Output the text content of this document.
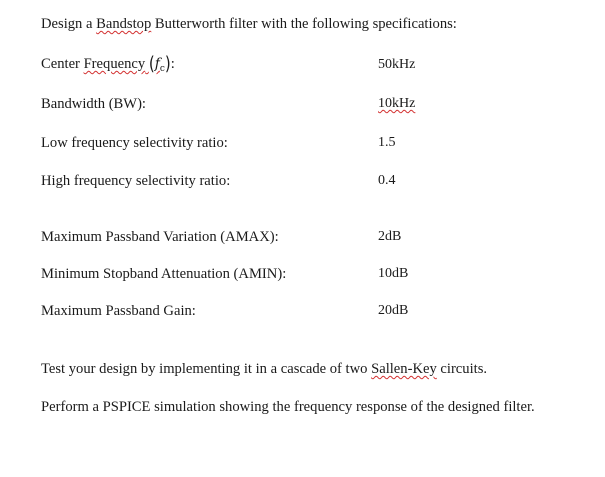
Design a Bandstop Butterworth filter with the following specifications:
Center Frequency $(f_c)$:	50kHz
Bandwidth (BW):	10kHz
Low frequency selectivity ratio:	1.5
High frequency selectivity ratio:	0.4
Maximum Passband Variation (AMAX):	2dB
Minimum Stopband Attenuation (AMIN):	10dB
Maximum Passband Gain:	20dB
Test your design by implementing it in a cascade of two Sallen-Key circuits.
Perform a PSPICE simulation showing the frequency response of the designed filter.
